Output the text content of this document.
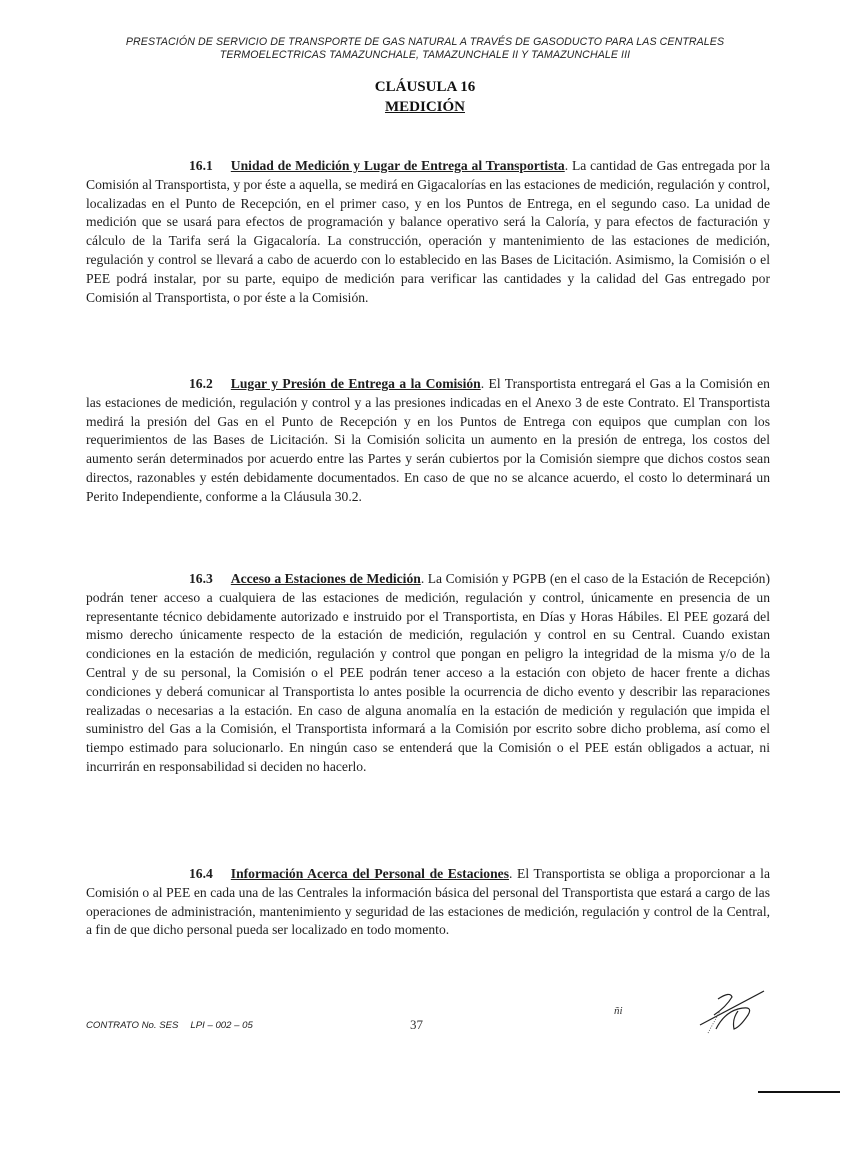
PRESTACIÓN DE SERVICIO DE TRANSPORTE DE GAS NATURAL A TRAVÉS DE GASODUCTO PARA LAS CENTRALES
TERMOELECTRICAS TAMAZUNCHALE, TAMAZUNCHALE II Y TAMAZUNCHALE III
CLÁUSULA 16
MEDICIÓN

16.1 Unidad de Medición y Lugar de Entrega al Transportista. La cantidad de Gas entregada por la Comisión al Transportista, y por éste a aquella, se medirá en Gigacalorías en las estaciones de medición, regulación y control, localizadas en el Punto de Recepción, en el primer caso, y en los Puntos de Entrega, en el segundo caso. La unidad de medición que se usará para efectos de programación y balance operativo será la Caloría, y para efectos de facturación y cálculo de la Tarifa será la Gigacaloría. La construcción, operación y mantenimiento de las estaciones de medición, regulación y control se llevará a cabo de acuerdo con lo establecido en las Bases de Licitación. Asimismo, la Comisión o el PEE podrá instalar, por su parte, equipo de medición para verificar las cantidades y la calidad del Gas entregado por Comisión al Transportista, o por éste a la Comisión.

16.2 Lugar y Presión de Entrega a la Comisión. El Transportista entregará el Gas a la Comisión en las estaciones de medición, regulación y control y a las presiones indicadas en el Anexo 3 de este Contrato. El Transportista medirá la presión del Gas en el Punto de Recepción y en los Puntos de Entrega con equipos que cumplan con los requerimientos de las Bases de Licitación. Si la Comisión solicita un aumento en la presión de entrega, los costos del aumento serán determinados por acuerdo entre las Partes y serán cubiertos por la Comisión siempre que dichos costos sean directos, razonables y estén debidamente documentados. En caso de que no se alcance acuerdo, el costo lo determinará un Perito Independiente, conforme a la Cláusula 30.2.

16.3 Acceso a Estaciones de Medición. La Comisión y PGPB (en el caso de la Estación de Recepción) podrán tener acceso a cualquiera de las estaciones de medición, regulación y control, únicamente en presencia de un representante técnico debidamente autorizado e instruido por el Transportista, en Días y Horas Hábiles. El PEE gozará del mismo derecho únicamente respecto de la estación de medición, regulación y control en su Central. Cuando existan condiciones en la estación de medición, regulación y control que pongan en peligro la integridad de la misma y/o de la Central y de su personal, la Comisión o el PEE podrán tener acceso a la estación con objeto de hacer frente a dichas condiciones y deberá comunicar al Transportista lo antes posible la ocurrencia de dicho evento y describir las reparaciones realizadas o necesarias a la estación. En caso de alguna anomalía en la estación de medición y regulación que impida el suministro del Gas a la Comisión, el Transportista informará a la Comisión por escrito sobre dicho problema, así como el tiempo estimado para solucionarlo. En ningún caso se entenderá que la Comisión o el PEE están obligados a actuar, ni incurrirán en responsabilidad si deciden no hacerlo.

16.4 Información Acerca del Personal de Estaciones. El Transportista se obliga a proporcionar a la Comisión o al PEE en cada una de las Centrales la información básica del personal del Transportista que estará a cargo de las operaciones de administración, mantenimiento y seguridad de las estaciones de medición, regulación y control de la Central, a fin de que dicho personal pueda ser localizado en todo momento.

CONTRATO No. SES LPI – 002 – 05	37
ñi
